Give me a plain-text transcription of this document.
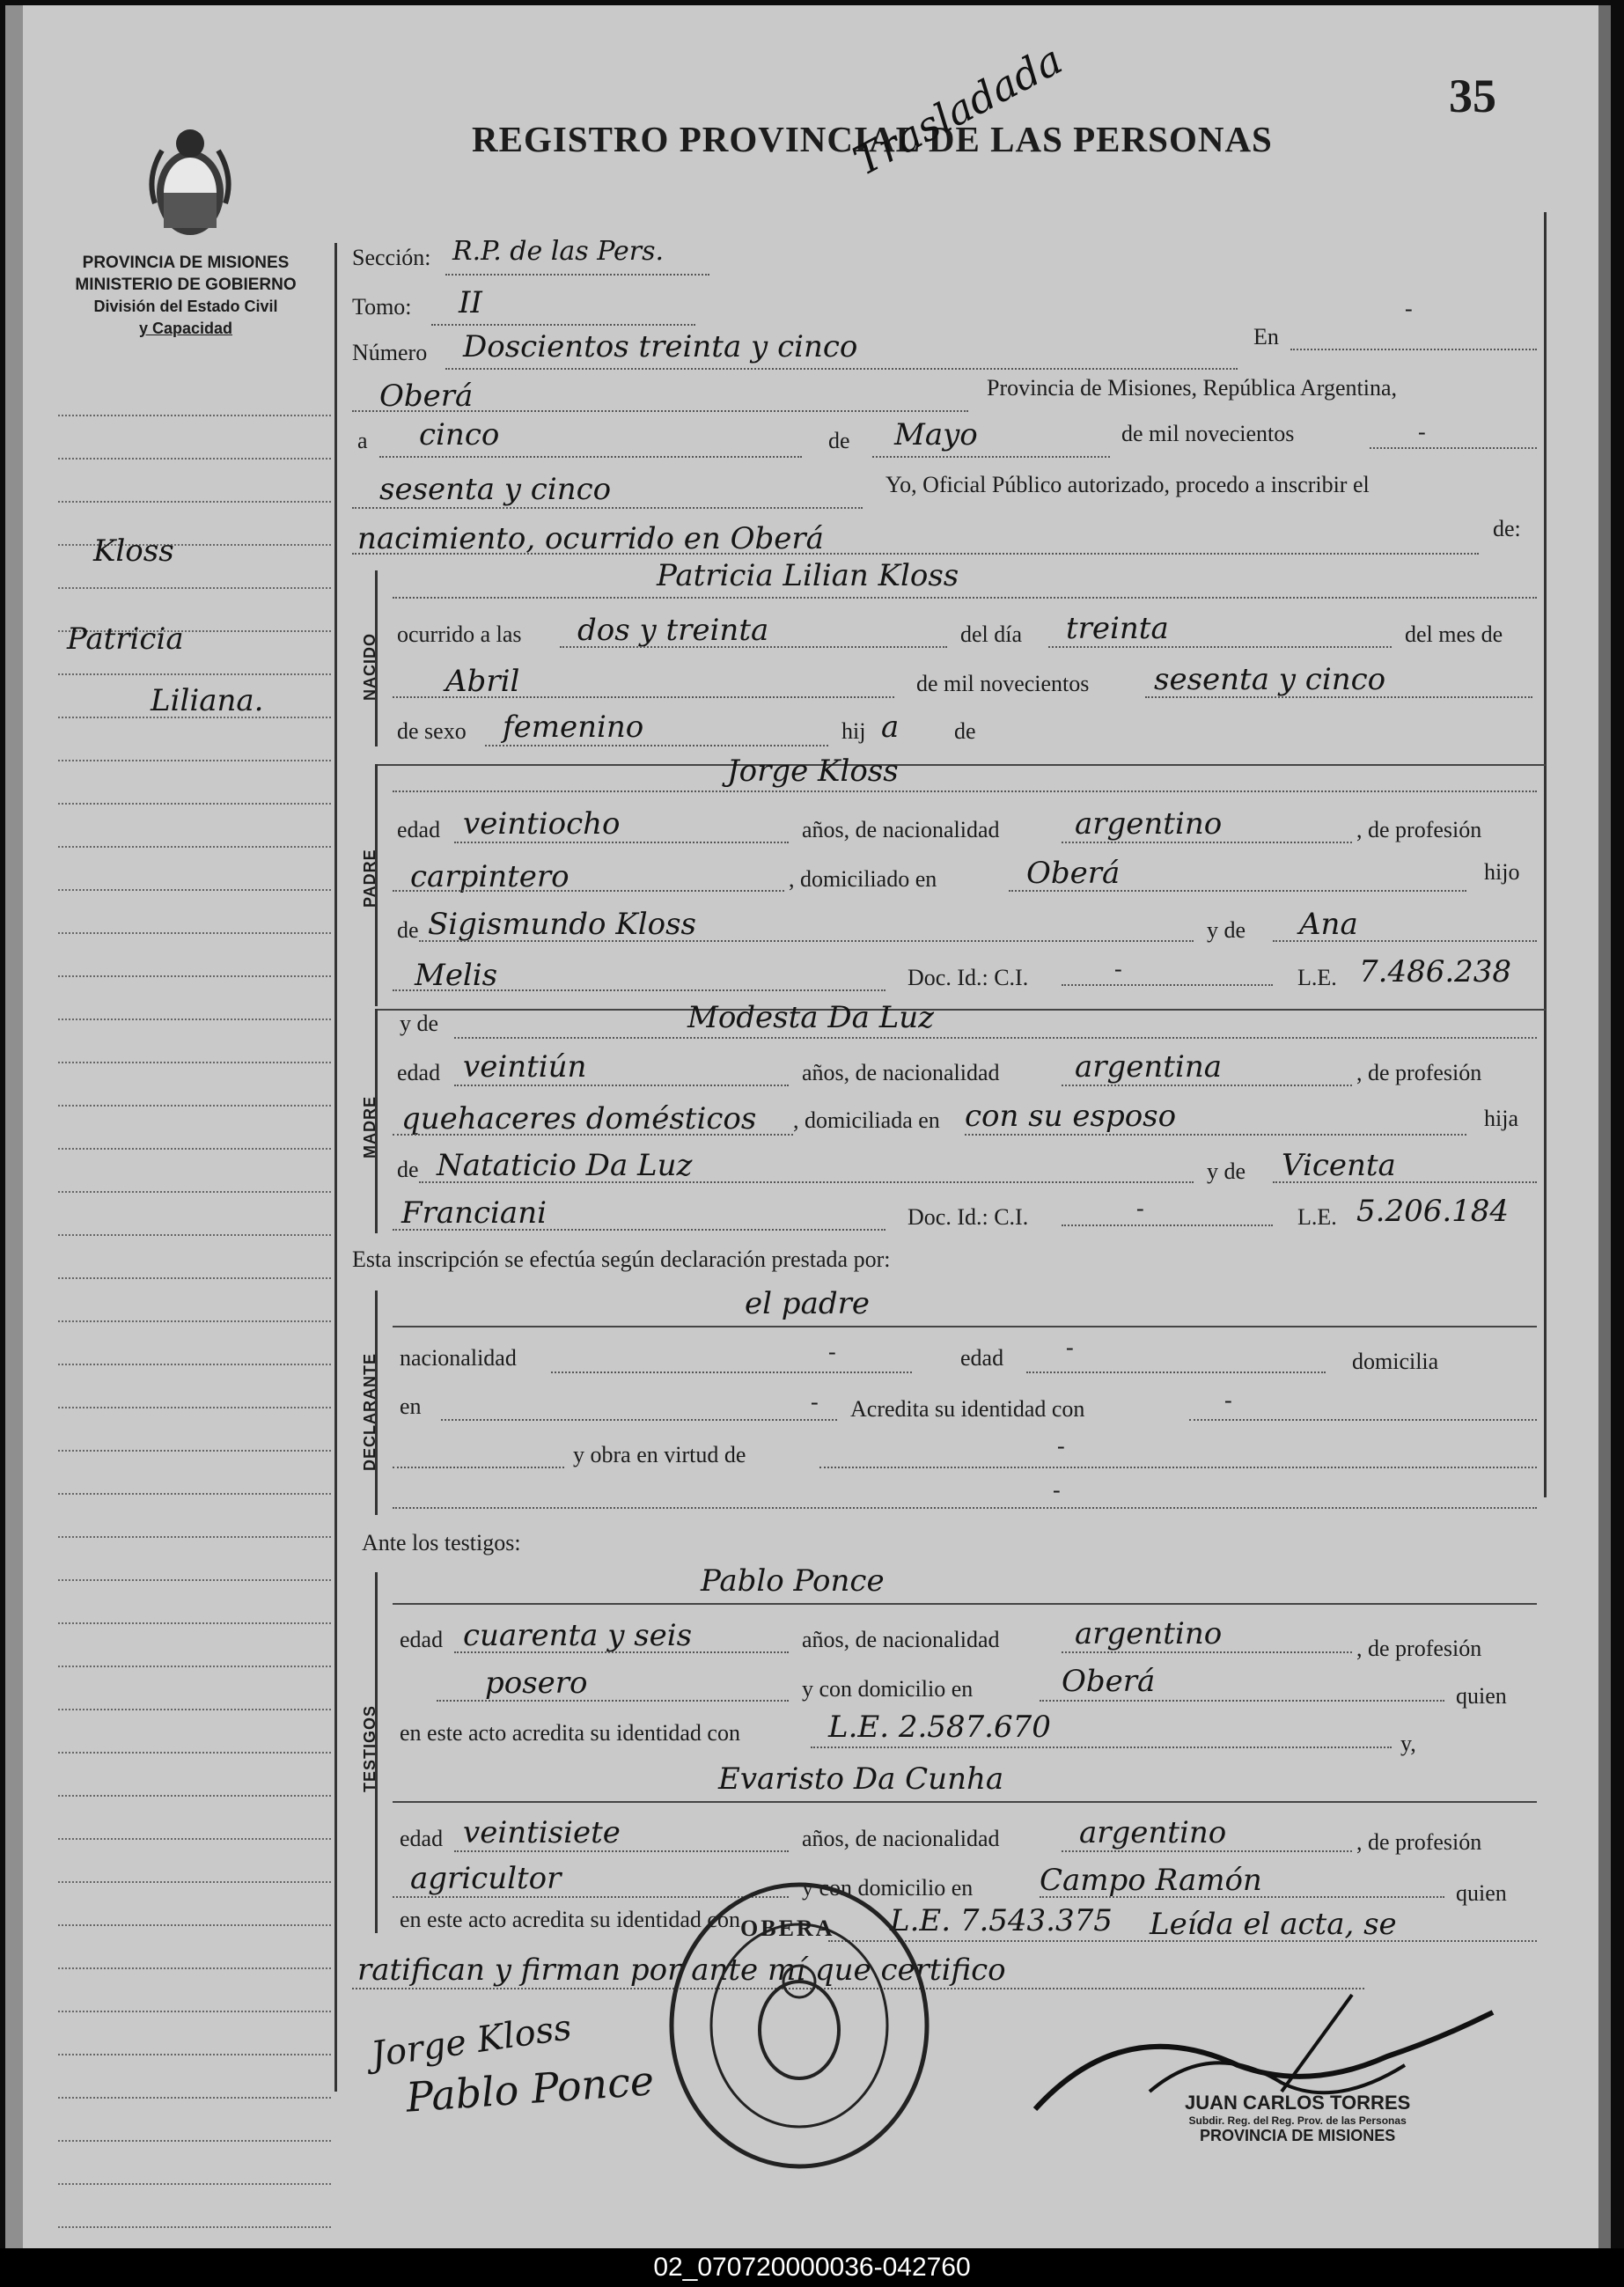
35
REGISTRO PROVINCIAL DE LAS PERSONAS
Trasladada
PROVINCIA DE MISIONES
MINISTERIO DE GOBIERNO
División del Estado Civil
y Capacidad
Kloss
Patricia
Liliana.
Sección: R.P. de las Pers.
Tomo: II	-
Número Doscientos treinta y cinco	En
Oberá	Provincia de Misiones, República Argentina,
a cinco	de Mayo	de mil novecientos	-
sesenta y cinco	Yo, Oficial Público autorizado, procedo a inscribir el
nacimiento, ocurrido en Oberá	de:
NACIDO
Patricia Lilian Kloss
ocurrido a las dos y treinta	del día treinta	del mes de
Abril	de mil novecientos sesenta y cinco
de sexo femenino	hij a de
PADRE
Jorge Kloss
edad veintiocho	años, de nacionalidad	argentino	, de profesión
carpintero	, domiciliado en	Oberá	hijo
de Sigismundo Kloss	y de Ana
Melis	Doc. Id.: C.I.	-	L.E. 7.486.238
MADRE
y de	Modesta Da Luz
edad veintiún	años, de nacionalidad	argentina	, de profesión
quehaceres domésticos , domiciliada en con su esposo	hija
de Nataticio Da Luz	y de Vicenta
Franciani	Doc. Id.: C.I.	-	L.E. 5.206.184
Esta inscripción se efectúa según declaración prestada por:
DECLARANTE
el padre
nacionalidad	-	edad	-
domicilia
en	- Acredita su identidad con	-
y obra en virtud de	-
-
Ante los testigos:
TESTIGOS
Pablo Ponce
edad cuarenta y seis	años, de nacionalidad	argentino	, de profesión
posero	y con domicilio en	Oberá	quien
en este acto acredita su identidad con	L.E. 2.587.670	y,
Evaristo Da Cunha
edad veintisiete	años, de nacionalidad	argentino	, de profesión
agricultor	y con domicilio en Campo Ramón	quien
en este acto acredita su identidad con	L.E. 7.543.375 Leída el acta, se
ratifican y firman por ante mí que certifico
Jorge Kloss
Pablo Ponce	JUAN CARLOS TORRES
Subdir. Reg. del Reg. Prov. de las Personas
PROVINCIA DE MISIONES
OBERA
02_070720000036-042760
